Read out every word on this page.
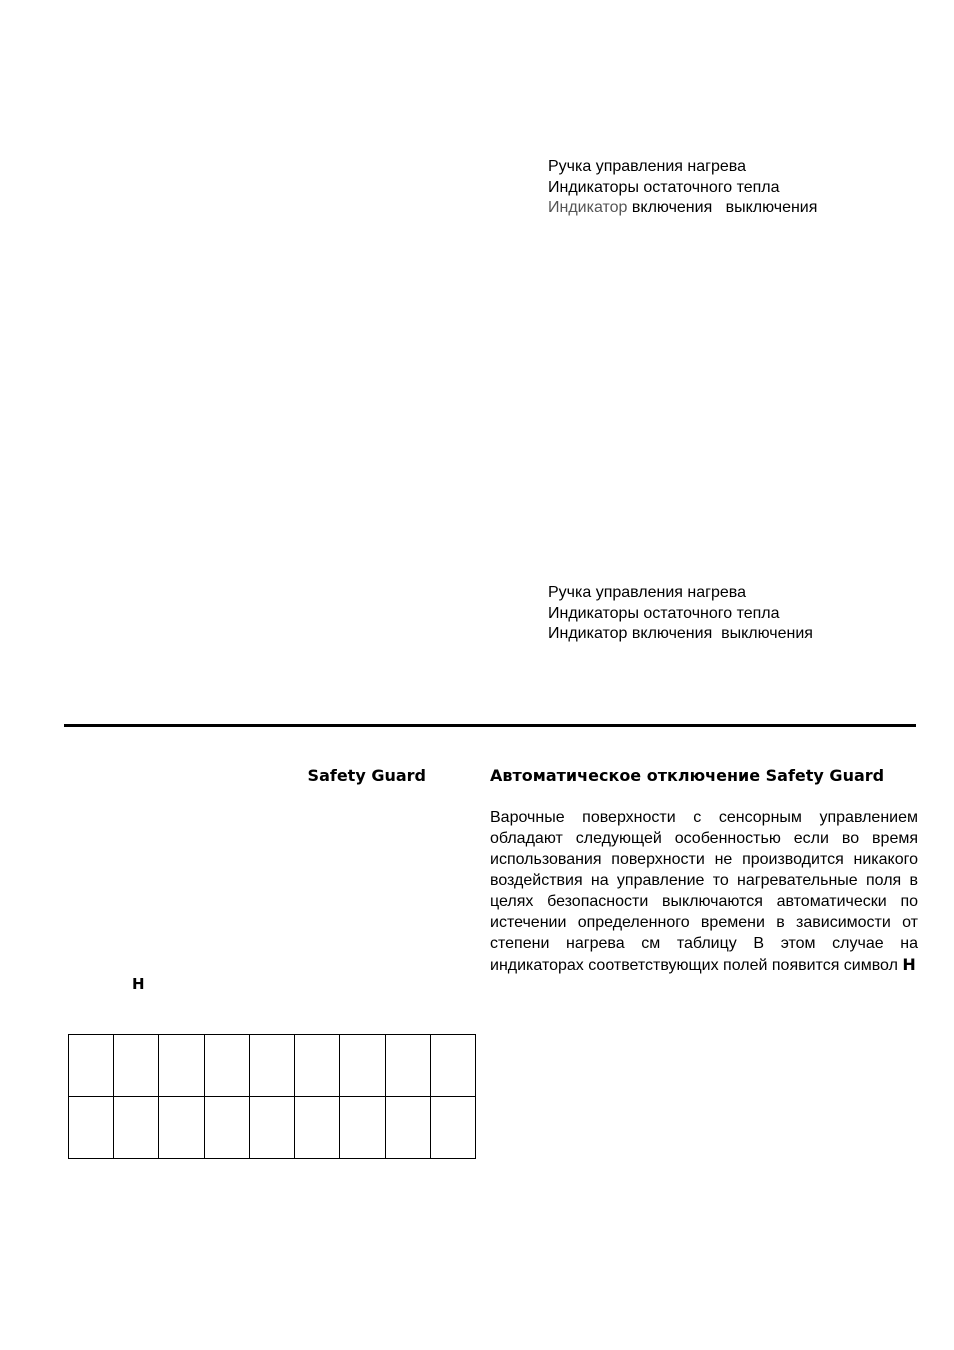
Ручка управления нагрева
Индикаторы остаточного тепла
Индикатор включения   выключения
Ручка управления нагрева
Индикаторы остаточного тепла
Индикатор включения  выключения
Safety Guard
H
Автоматическое отключение Safety Guard
Варочные поверхности с сенсорным управлением обладают следующей особенностью если во время использования поверхности не производится никакого воздействия на управление то нагревательные поля в целях безопасности выключаются автоматически по истечении определенного времени в зависимости от степени нагрева см таблицу В этом случае на индикаторах соответствующих полей появится символ H
